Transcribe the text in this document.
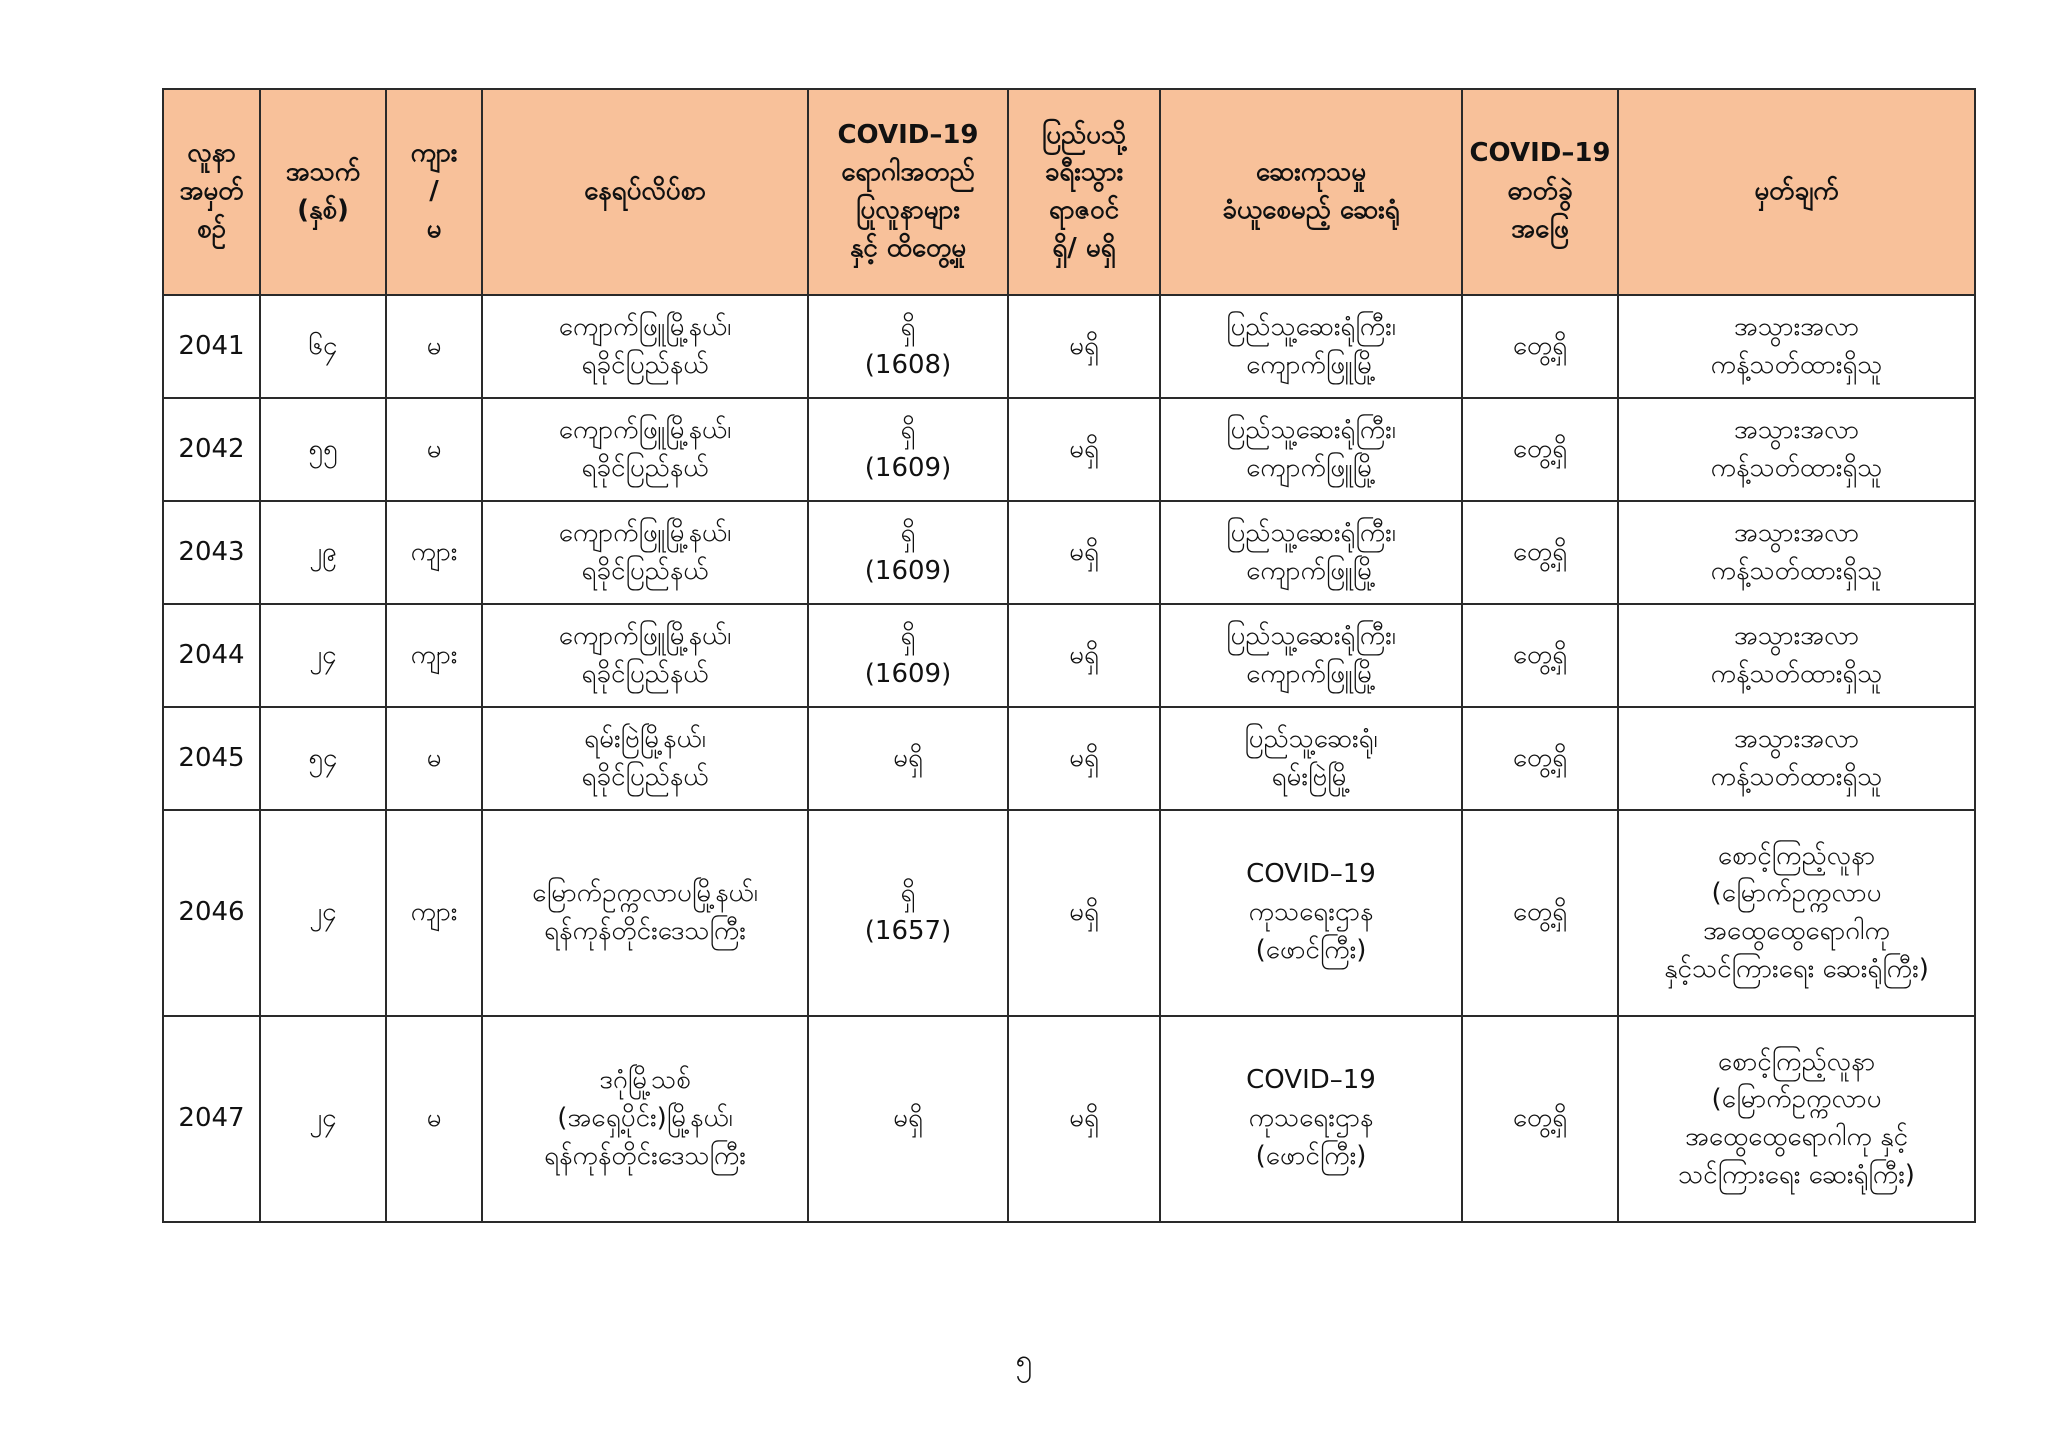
လူနာ
အမှတ်
စဉ်	အသက်
(နှစ်)	ကျား
/
မ	နေရပ်လိပ်စာ	COVID–19
ရောဂါအတည်
ပြုလူနာများ
နှင့် ထိတွေ့မှု	ပြည်ပသို့
ခရီးသွား
ရာဇဝင်
ရှိ/ မရှိ	ဆေးကုသမှု
ခံယူစေမည့် ဆေးရုံ	COVID–19
ဓာတ်ခွဲ
အဖြေ	မှတ်ချက်

2041	၆၄	မ	ကျောက်ဖြူမြို့နယ်၊
ရခိုင်ပြည်နယ်	ရှိ
(1608)	မရှိ	ပြည်သူ့ဆေးရုံကြီး၊
ကျောက်ဖြူမြို့	တွေ့ရှိ	အသွားအလာ
ကန့်သတ်ထားရှိသူ

2042	၅၅	မ	ကျောက်ဖြူမြို့နယ်၊
ရခိုင်ပြည်နယ်	ရှိ
(1609)	မရှိ	ပြည်သူ့ဆေးရုံကြီး၊
ကျောက်ဖြူမြို့	တွေ့ရှိ	အသွားအလာ
ကန့်သတ်ထားရှိသူ

2043	၂၉	ကျား	ကျောက်ဖြူမြို့နယ်၊
ရခိုင်ပြည်နယ်	ရှိ
(1609)	မရှိ	ပြည်သူ့ဆေးရုံကြီး၊
ကျောက်ဖြူမြို့	တွေ့ရှိ	အသွားအလာ
ကန့်သတ်ထားရှိသူ

2044	၂၄	ကျား	ကျောက်ဖြူမြို့နယ်၊
ရခိုင်ပြည်နယ်	ရှိ
(1609)	မရှိ	ပြည်သူ့ဆေးရုံကြီး၊
ကျောက်ဖြူမြို့	တွေ့ရှိ	အသွားအလာ
ကန့်သတ်ထားရှိသူ

2045	၅၄	မ	ရမ်းဗြဲမြို့နယ်၊
ရခိုင်ပြည်နယ်	မရှိ	မရှိ	ပြည်သူ့ဆေးရုံ၊
ရမ်းဗြဲမြို့	တွေ့ရှိ	အသွားအလာ
ကန့်သတ်ထားရှိသူ

2046	၂၄	ကျား	မြောက်ဥက္ကလာပမြို့နယ်၊
ရန်ကုန်တိုင်းဒေသကြီး	ရှိ
(1657)	မရှိ	COVID–19
ကုသရေးဌာန
(ဖောင်ကြီး)	တွေ့ရှိ	စောင့်ကြည့်လူနာ
(မြောက်ဥက္ကလာပ
အထွေထွေရောဂါကု
နှင့်သင်ကြားရေး ဆေးရုံကြီး)

2047	၂၄	မ	ဒဂုံမြို့သစ်
(အရှေ့ပိုင်း)မြို့နယ်၊
ရန်ကုန်တိုင်းဒေသကြီး	မရှိ	မရှိ	COVID–19
ကုသရေးဌာန
(ဖောင်ကြီး)	တွေ့ရှိ	စောင့်ကြည့်လူနာ
(မြောက်ဥက္ကလာပ
အထွေထွေရောဂါကု နှင့်
သင်ကြားရေး ဆေးရုံကြီး)
၅
